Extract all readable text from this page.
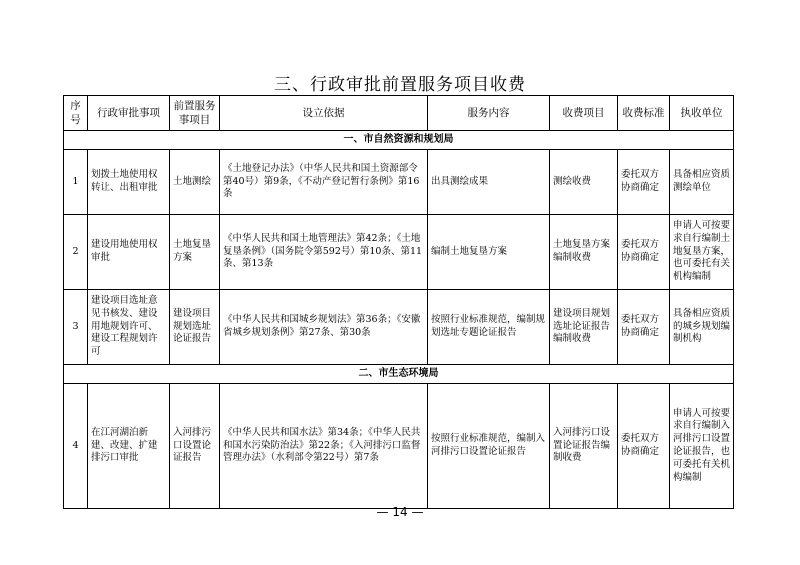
三、行政审批前置服务项目收费
序号	行政审批事项	前置服务事项目	设立依据	服务内容	收费项目	收费标准	执收单位
一、市自然资源和规划局							
1	划拨土地使用权转让、出租审批	土地测绘	《土地登记办法》（中华人民共和国土资源部令第40号）第9条，《不动产登记暂行条例》第16条	出具测绘成果	测绘收费	委托双方协商确定	具备相应资质测绘单位
2	建设用地使用权审批	土地复垦方案	《中华人民共和国土地管理法》第42条；《土地复垦条例》（国务院令第592号）第10条、第11条、第13条	编制土地复垦方案	土地复垦方案编制收费	委托双方协商确定	申请人可按要求自行编制土地复垦方案，也可委托有关机构编制
3	建设项目选址意见书核发、建设用地规划许可、建设工程规划许可	建设项目规划选址论证报告	《中华人民共和国城乡规划法》第36条；《安徽省城乡规划条例》第27条、第30条	按照行业标准规范，编制规划选址专题论证报告	建设项目规划选址论证报告编制收费	委托双方协商确定	具备相应资质的城乡规划编制机构
二、市生态环境局							
4	在江河湖泊新建、改建、扩建排污口审批	入河排污口设置论证报告	《中华人民共和国水法》第34条；《中华人民共和国水污染防治法》第22条；《入河排污口监督管理办法》（水利部令第22号）第7条	按照行业标准规范，编制入河排污口设置论证报告	入河排污口设置论证报告编制收费	委托双方协商确定	申请人可按要求自行编制入河排污口设置论证报告，也可委托有关机构编制
— 14 —
